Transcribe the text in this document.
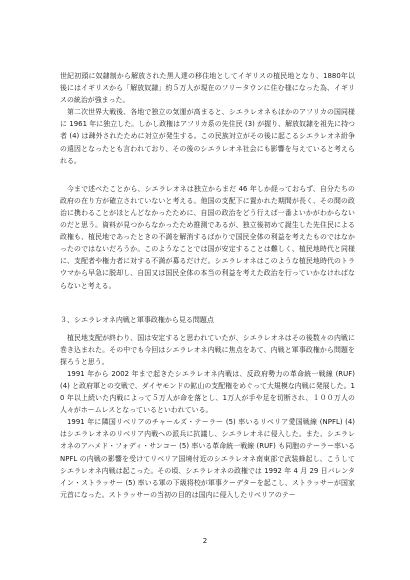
世紀初頭に奴隷制から解放された黒人達の移住地としてイギリスの植民地となり、1880年以後にはイギリスから「解放奴隷」約５万人が現在のフリータウンに住む様になった為、イギリスの統治が強まった。

第二次世界大戦後、各地で独立の気運が高まると、シエラレオネもほかのアフリカの国同様に 1961 年に独立した。しかし政権はアフリカ系の先住民 (3) が握り、解放奴隷を祖先に持つ者 (4) は疎外されたために対立が発生する。この民族対立がその後に起こるシエラレオネ紛争の遠因となったとも言われており、その後のシエラレオネ社会にも影響を与えていると考えられる。

今まで述べたことから、シエラレオネは独立からまだ 46 年しか経っておらず、自分たちの政府の在り方が確立されていないと考える。他国の支配下に置かれた期間が長く、その間の政治に携わることがほとんどなかったために、自国の政治をどう行えば一番よいかがわからないのだと思う。資料が見つからなかったため推測であるが、独立後初めて誕生した先住民による政権も、植民地であったときの不満を解消するばかりで国民全体の利益を考えたものではなかったのではないだろうか。このようなことでは国が安定することは難しく、植民地時代と同様に、支配者や権力者に対する不満が募るだけだ。シエラレオネはこのような植民地時代のトラウマから早急に脱却し、自国又は国民全体の本当の利益を考えた政治を行っていかなければならないと考える。

３、シエラレオネ内戦と軍事政権から見る問題点

植民地支配が終わり、国は安定すると思われていたが、シエラレオネはその後数々の内戦に巻き込まれた。その中でも今回はシエラレオネ内戦に焦点をあて、内戦と軍事政権から問題を探ろうと思う。

1991 年から 2002 年まで起きたシエラレオネ内戦は、反政府勢力の革命統一戦線 (RUF) (4) と政府軍との交戦で、ダイヤモンドの鉱山の支配権をめぐって大規模な内戦に発展した。10 年以上続いた内戦によって５万人が命を落とし、1万人が手や足を切断され、１００万人の人々がホームレスとなっているといわれている。

1991 年に隣国リベリアのチャールズ・テーラー (5) 率いるリベリア愛国戦線 (NPFL) (4) はシエラレオネのリベリア内戦への派兵に抗議し、シエラレオネに侵入した。また、シエラレオネのアハメド・フォディ・サンコー (5) 率いる革命統一戦線 (RUF) も同胞のテーラー率いる NPFL の内戦の影響を受けてリベリア国境付近のシエラレオネ南東部で武装蜂起し、こうしてシエラレオネ内戦は起こった。その頃、シエラレオネの政権では 1992 年 4 月 29 日バレンタイン・ストラッサー (5) 率いる軍の下級将校が軍事クーデターを起こし、ストラッサーが国家元首になった。ストラッサーの当初の目的は国内に侵入したリベリアのテー

2
